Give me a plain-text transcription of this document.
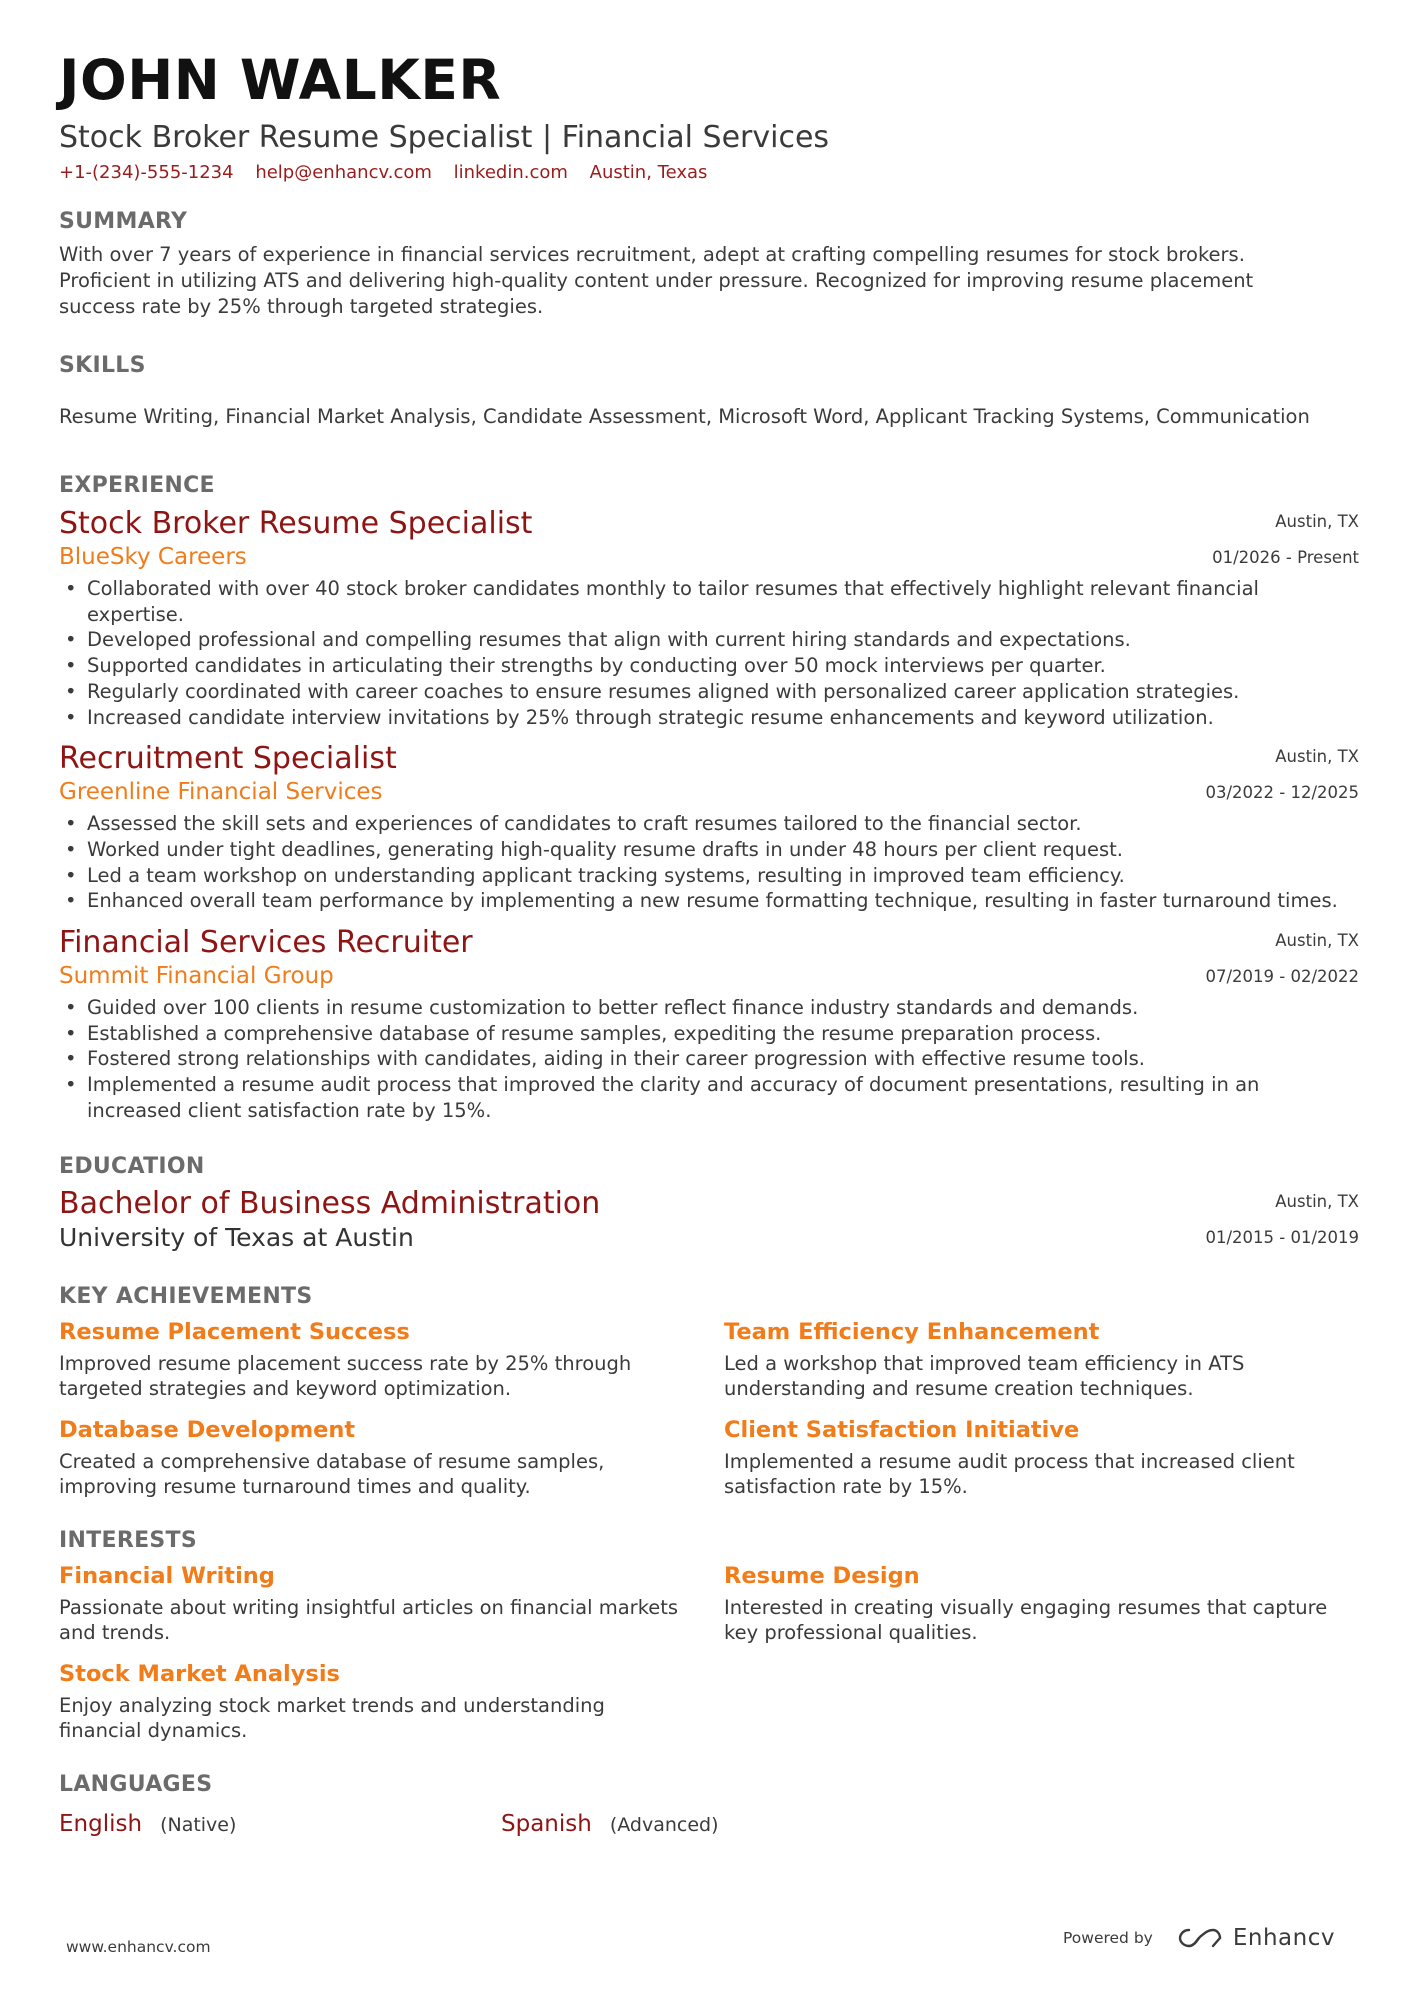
JOHN WALKER
Stock Broker Resume Specialist | Financial Services
+1-(234)-555-1234 help@enhancv.com linkedin.com Austin, Texas
SUMMARY
With over 7 years of experience in financial services recruitment, adept at crafting compelling resumes for stock brokers. Proficient in utilizing ATS and delivering high-quality content under pressure. Recognized for improving resume placement success rate by 25% through targeted strategies.
SKILLS
Resume Writing, Financial Market Analysis, Candidate Assessment, Microsoft Word, Applicant Tracking Systems, Communication
EXPERIENCE
Stock Broker Resume Specialist
BlueSky Careers
Austin, TX
01/2026 - Present
• Collaborated with over 40 stock broker candidates monthly to tailor resumes that effectively highlight relevant financial expertise.
• Developed professional and compelling resumes that align with current hiring standards and expectations.
• Supported candidates in articulating their strengths by conducting over 50 mock interviews per quarter.
• Regularly coordinated with career coaches to ensure resumes aligned with personalized career application strategies.
• Increased candidate interview invitations by 25% through strategic resume enhancements and keyword utilization.
Recruitment Specialist
Greenline Financial Services
Austin, TX
03/2022 - 12/2025
• Assessed the skill sets and experiences of candidates to craft resumes tailored to the financial sector.
• Worked under tight deadlines, generating high-quality resume drafts in under 48 hours per client request.
• Led a team workshop on understanding applicant tracking systems, resulting in improved team efficiency.
• Enhanced overall team performance by implementing a new resume formatting technique, resulting in faster turnaround times.
Financial Services Recruiter
Summit Financial Group
Austin, TX
07/2019 - 02/2022
• Guided over 100 clients in resume customization to better reflect finance industry standards and demands.
• Established a comprehensive database of resume samples, expediting the resume preparation process.
• Fostered strong relationships with candidates, aiding in their career progression with effective resume tools.
• Implemented a resume audit process that improved the clarity and accuracy of document presentations, resulting in an increased client satisfaction rate by 15%.
EDUCATION
Bachelor of Business Administration
University of Texas at Austin
Austin, TX
01/2015 - 01/2019
KEY ACHIEVEMENTS
Resume Placement Success
Improved resume placement success rate by 25% through targeted strategies and keyword optimization.
Team Efficiency Enhancement
Led a workshop that improved team efficiency in ATS understanding and resume creation techniques.
Database Development
Created a comprehensive database of resume samples, improving resume turnaround times and quality.
Client Satisfaction Initiative
Implemented a resume audit process that increased client satisfaction rate by 15%.
INTERESTS
Financial Writing
Passionate about writing insightful articles on financial markets and trends.
Resume Design
Interested in creating visually engaging resumes that capture key professional qualities.
Stock Market Analysis
Enjoy analyzing stock market trends and understanding financial dynamics.
LANGUAGES
English (Native)	Spanish (Advanced)
www.enhancv.com	Powered by	Enhancv
